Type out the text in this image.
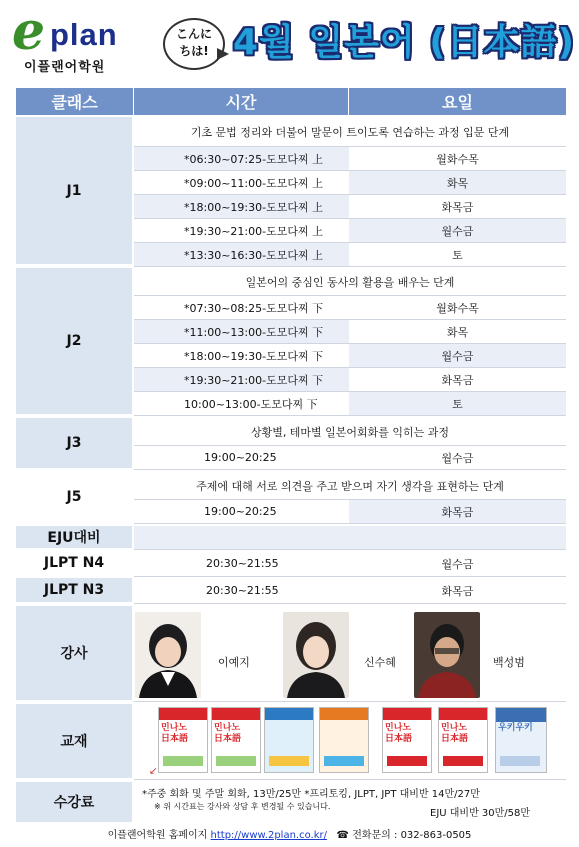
e plan
이플랜어학원
こんに
ちは! 4월 일본어 (日本語)
클래스	시간	요일
J1
기초 문법 정리와 더불어 말문이 트이도록 연습하는 과정 입문 단계
*06:30~07:25-도모다찌 上	월화수목
*09:00~11:00-도모다찌 上	화목
*18:00~19:30-도모다찌 上	화목금
*19:30~21:00-도모다찌 上	월수금
*13:30~16:30-도모다찌 上	토
J2
일본어의 중심인 동사의 활용을 배우는 단계
*07:30~08:25-도모다찌 下	월화수목
*11:00~13:00-도모다찌 下	화목
*18:00~19:30-도모다찌 下	월수금
*19:30~21:00-도모다찌 下	화목금
10:00~13:00-도모다찌 下	토
J3
상황별, 테마별 일본어회화를 익히는 과정
19:00~20:25	월수금
J5
주제에 대해 서로 의견을 주고 받으며 자기 생각을 표현하는 단계
19:00~20:25	화목금
EJU대비
JLPT N4	20:30~21:55	월수금
JLPT N3	20:30~21:55	화목금
강사
교재
수강료
이예지	신수혜	백성범
민나노
日本語
민나노
日本語
민나노
日本語
민나노
日本語
우키우키
↙
*주중 회화 및 주말 회화, 13만/25만 *프리토킹, JLPT, JPT 대비반 14만/27만
※ 위 시간표는 강사와 상담 후 변경될 수 있습니다.
EJU 대비반 30만/58만
이플랜어학원 홈페이지 http://www.2plan.co.kr/ ☎ 전화문의 : 032-863-0505
